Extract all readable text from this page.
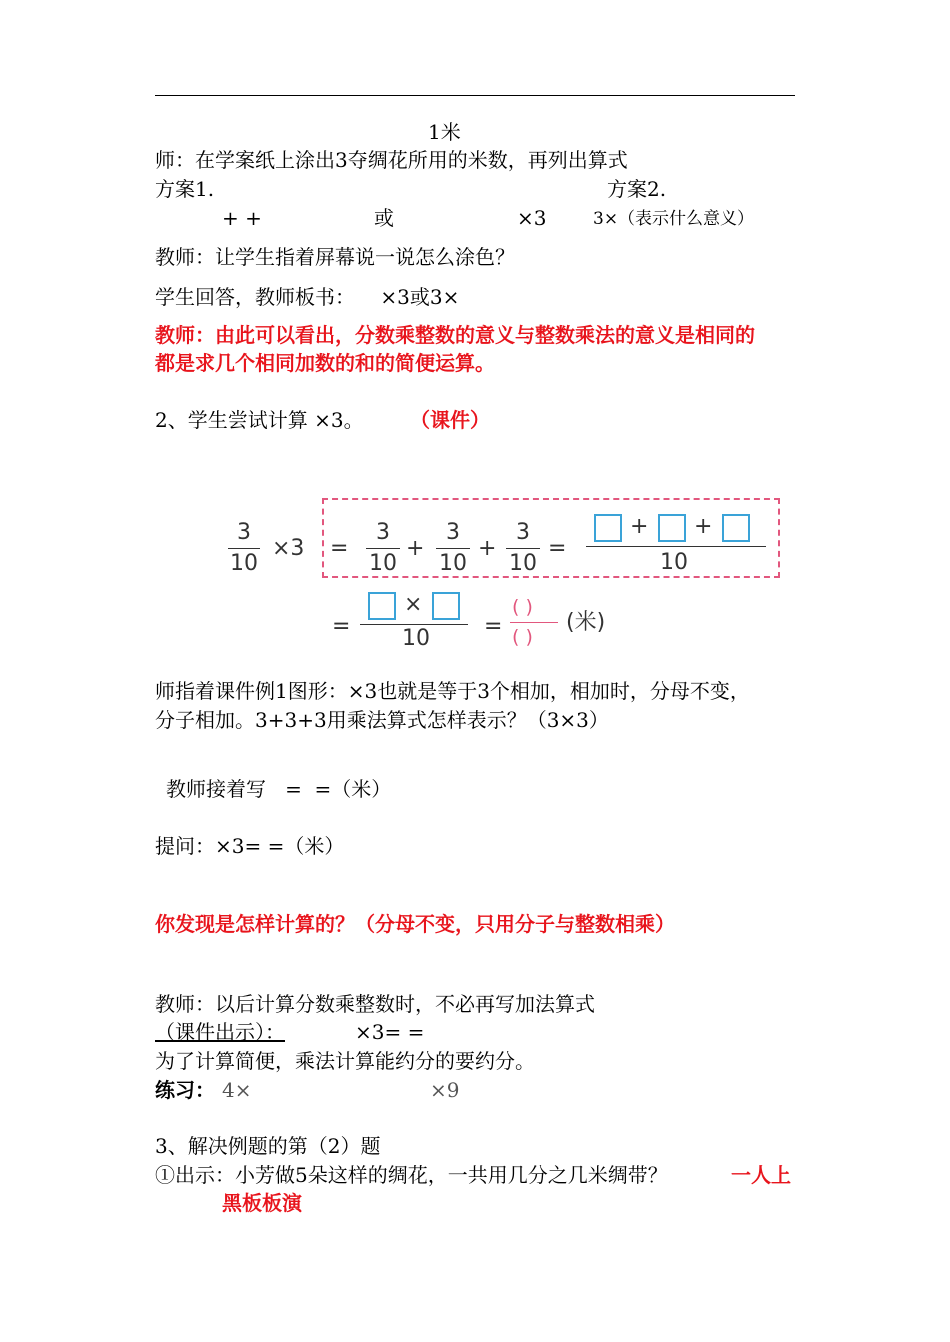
1米
师：在学案纸上涂出3夺绸花所用的米数，再列出算式
方案1.	方案2.
+ +	或	×3	3×（表示什么意义）
教师：让学生指着屏幕说一说怎么涂色？
学生回答，教师板书：    ×3或3×
教师：由此可以看出，分数乘整数的意义与整数乘法的意义是相同的
都是求几个相同加数的和的简便运算。
2、学生尝试计算 ×3。 （课件）
3
10
×3 =
3
10
+
3
10
+
3
10
=
+ +
10
=
×
10 =
( )
( )
(米)
师指着课件例1图形：×3也就是等于3个相加，相加时，分母不变，
分子相加。3+3+3用乘法算式怎样表示？（3×3）
教师接着写   =  =（米）
提问：×3= =（米）
你发现是怎样计算的？（分母不变，只用分子与整数相乘）
教师：以后计算分数乘整数时，不必再写加法算式
（课件出示）：	×3= =
为了计算简便，乘法计算能约分的要约分。
练习： 4×	×9
3、解决例题的第（2）题
①出示：小芳做5朵这样的绸花，一共用几分之几米绸带？	一人上
黑板板演
